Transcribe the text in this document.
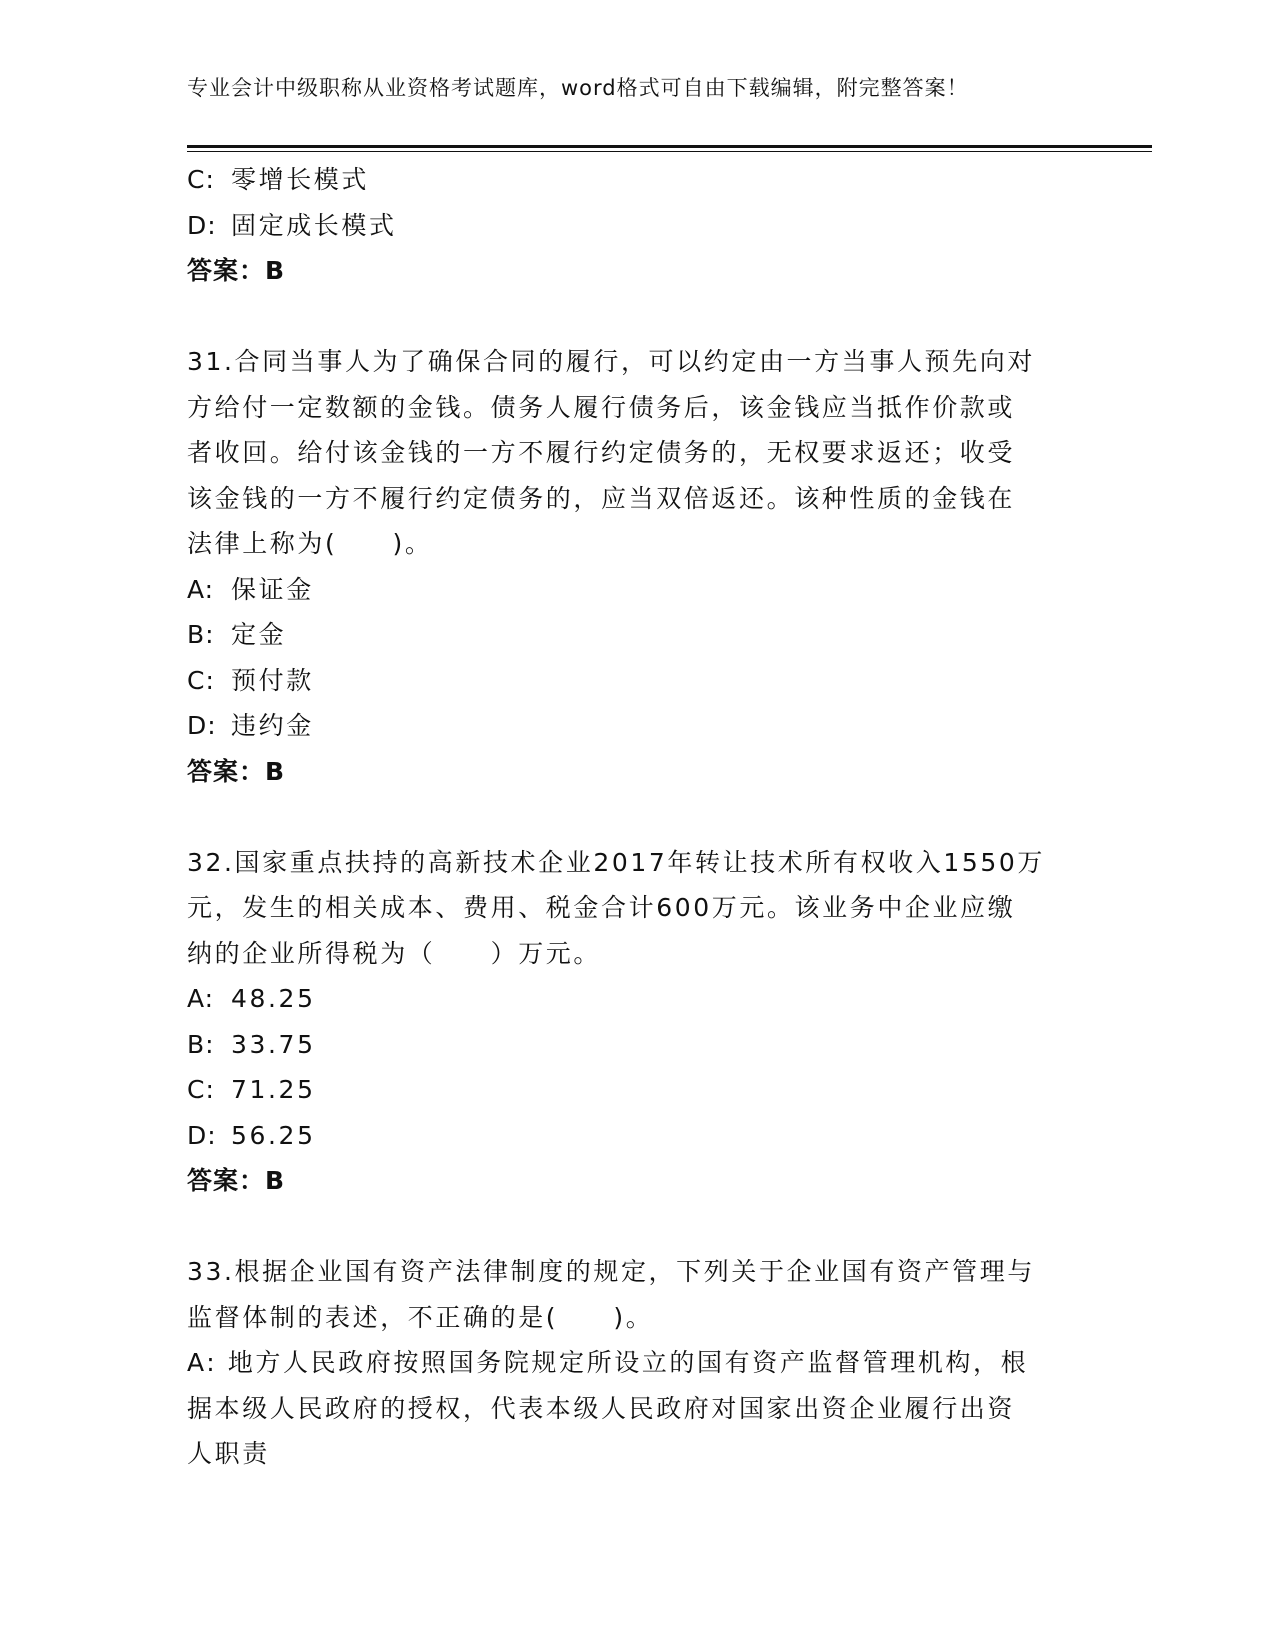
专业会计中级职称从业资格考试题库，word格式可自由下载编辑，附完整答案！
C: 零增长模式
D: 固定成长模式
答案：B
31.合同当事人为了确保合同的履行，可以约定由一方当事人预先向对
方给付一定数额的金钱。债务人履行债务后，该金钱应当抵作价款或
者收回。给付该金钱的一方不履行约定债务的，无权要求返还；收受
该金钱的一方不履行约定债务的，应当双倍返还。该种性质的金钱在
法律上称为(　　)。
A: 保证金
B: 定金
C: 预付款
D: 违约金
答案：B
32.国家重点扶持的高新技术企业2017年转让技术所有权收入1550万
元，发生的相关成本、费用、税金合计600万元。该业务中企业应缴
纳的企业所得税为（　　）万元。
A: 48.25
B: 33.75
C: 71.25
D: 56.25
答案：B
33.根据企业国有资产法律制度的规定，下列关于企业国有资产管理与
监督体制的表述，不正确的是(　　)。
A: 地方人民政府按照国务院规定所设立的国有资产监督管理机构，根
据本级人民政府的授权，代表本级人民政府对国家出资企业履行出资
人职责
